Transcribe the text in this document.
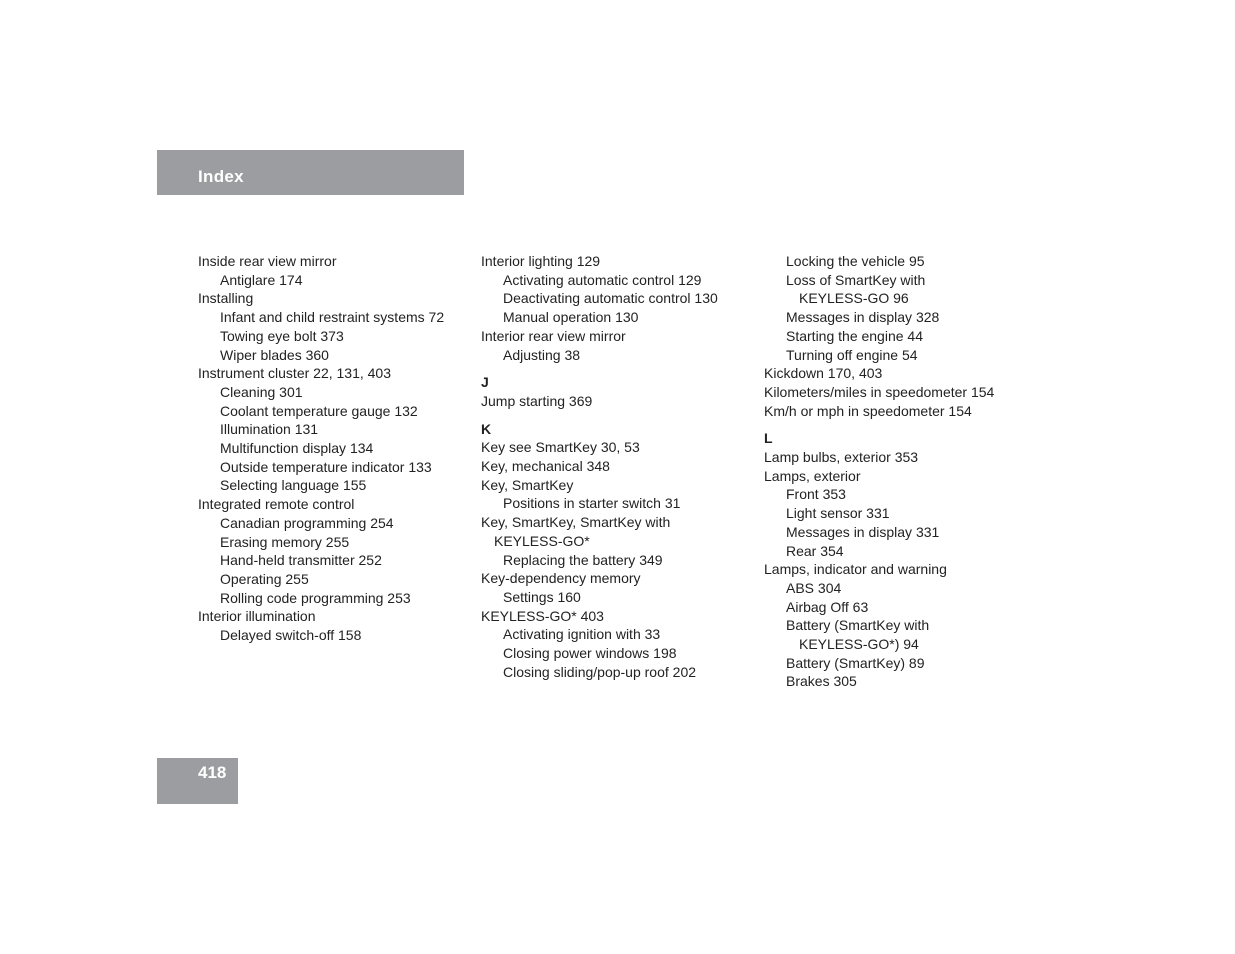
Index
Inside rear view mirror
Antiglare 174
Installing
Infant and child restraint systems 72
Towing eye bolt 373
Wiper blades 360
Instrument cluster 22, 131, 403
Cleaning 301
Coolant temperature gauge 132
Illumination 131
Multifunction display 134
Outside temperature indicator 133
Selecting language 155
Integrated remote control
Canadian programming 254
Erasing memory 255
Hand-held transmitter 252
Operating 255
Rolling code programming 253
Interior illumination
Delayed switch-off 158
Interior lighting 129
Activating automatic control 129
Deactivating automatic control 130
Manual operation 130
Interior rear view mirror
Adjusting 38
J
Jump starting 369
K
Key see SmartKey 30, 53
Key, mechanical 348
Key, SmartKey
Positions in starter switch 31
Key, SmartKey, SmartKey with
KEYLESS-GO*
Replacing the battery 349
Key-dependency memory
Settings 160
KEYLESS-GO* 403
Activating ignition with 33
Closing power windows 198
Closing sliding/pop-up roof 202
Locking the vehicle 95
Loss of SmartKey with
KEYLESS-GO 96
Messages in display 328
Starting the engine 44
Turning off engine 54
Kickdown 170, 403
Kilometers/miles in speedometer 154
Km/h or mph in speedometer 154
L
Lamp bulbs, exterior 353
Lamps, exterior
Front 353
Light sensor 331
Messages in display 331
Rear 354
Lamps, indicator and warning
ABS 304
Airbag Off 63
Battery (SmartKey with
KEYLESS-GO*) 94
Battery (SmartKey) 89
Brakes 305
418
